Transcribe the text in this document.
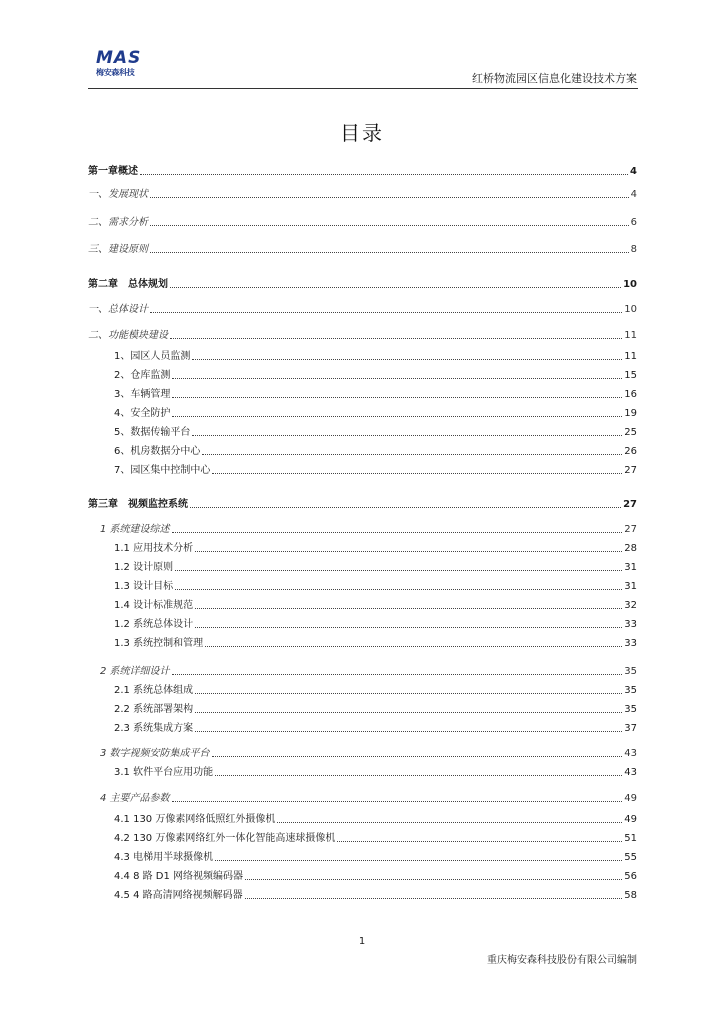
MAS
梅安森科技	红桥物流园区信息化建设技术方案
目录
第一章概述	4
一、发展现状	4
二、需求分析	6
三、建设原则	8
第二章　总体规划	10
一、总体设计	10
二、功能模块建设	11
1、园区人员监测	11
2、仓库监测	15
3、车辆管理	16
4、安全防护	19
5、数据传输平台	25
6、机房数据分中心	26
7、园区集中控制中心	27
第三章　视频监控系统	27
1 系统建设综述	27
1.1 应用技术分析	28
1.2 设计原则	31
1.3 设计目标	31
1.4 设计标准规范	32
1.2 系统总体设计	33
1.3 系统控制和管理	33
2 系统详细设计	35
2.1 系统总体组成	35
2.2 系统部署架构	35
2.3 系统集成方案	37
3 数字视频安防集成平台	43
3.1 软件平台应用功能	43
4 主要产品参数	49
4.1 130 万像素网络低照红外摄像机	49
4.2 130 万像素网络红外一体化智能高速球摄像机	51
4.3 电梯用半球摄像机	55
4.4 8 路 D1 网络视频编码器	56
4.5 4 路高清网络视频解码器	58
1
重庆梅安森科技股份有限公司编制
